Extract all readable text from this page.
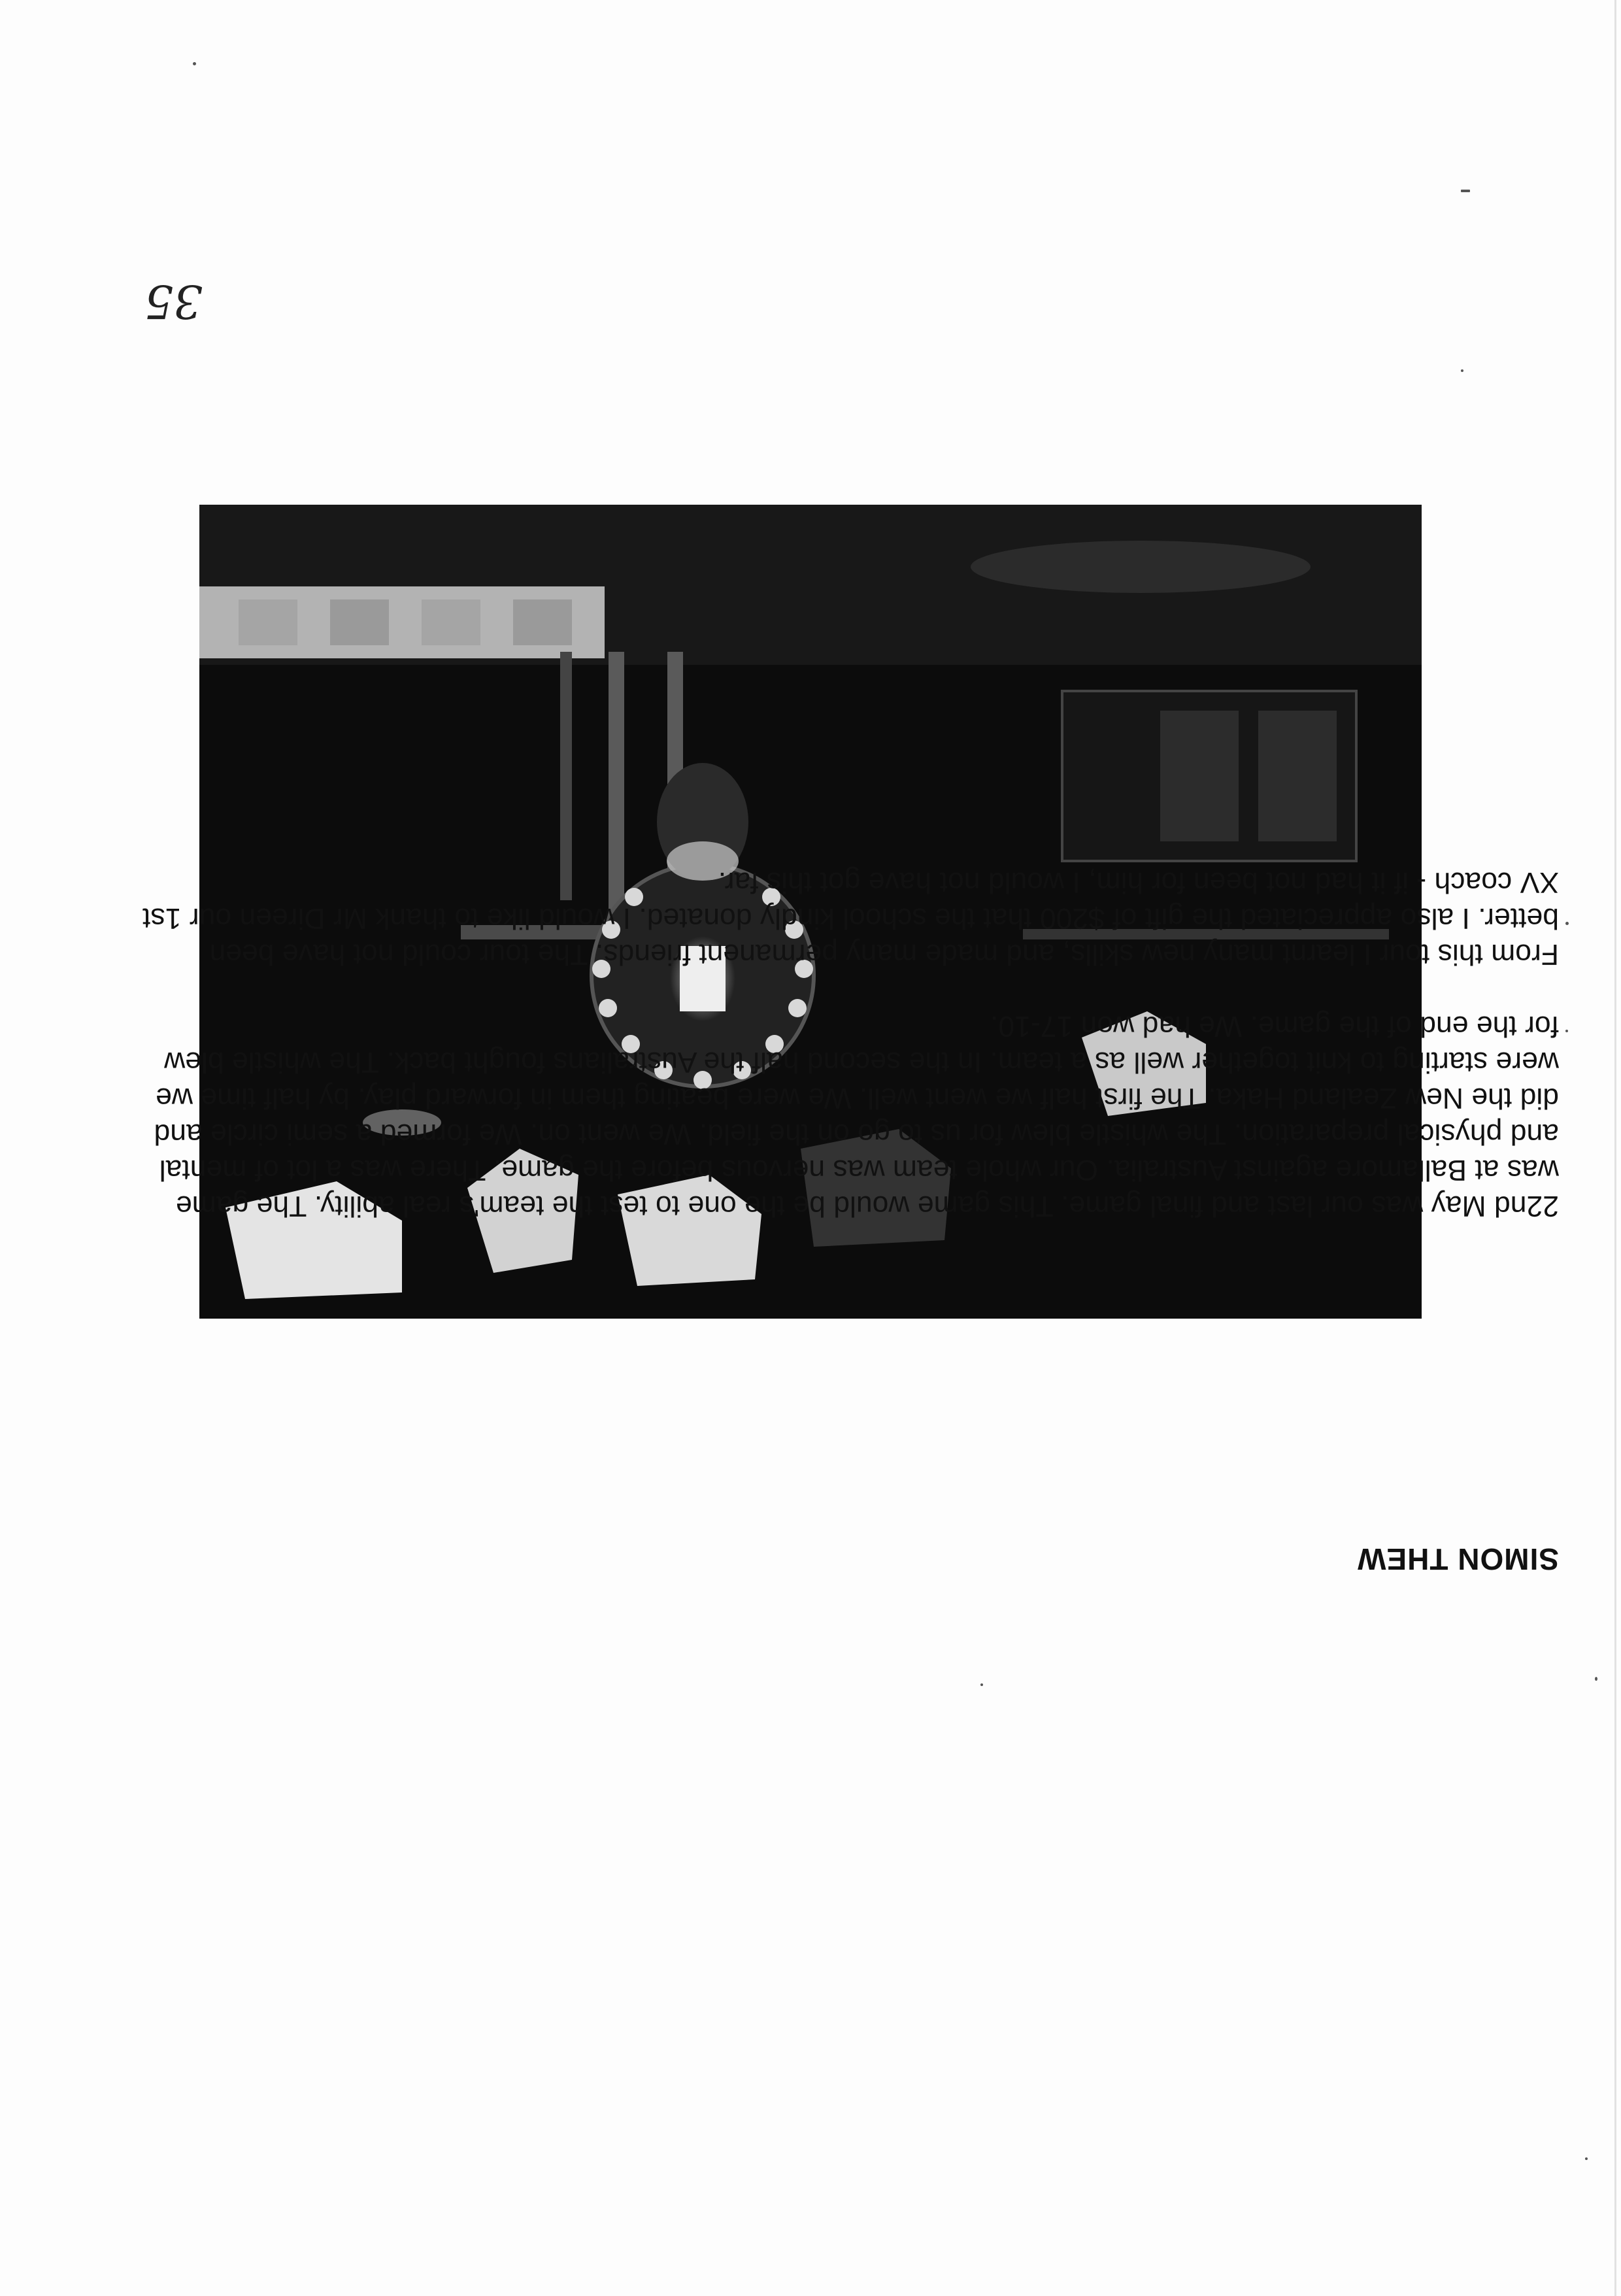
35

22nd May was our last and final game. This game would be the one to test the team's real ability. The game was at Ballamore against Australia. Our whole team was nervous before the game. There was a lot of mental and physical preparation. The whistle blew for us to go on the field. We went on. We formed a semi circle and did the New Zealand Haka. The first half we went well. We were beating them in forward play. by half time we were starting to knit together well as a team. In the second half the Australians fought back. The whistle blew for the end of the game. We had won 17-10.

From this tour I learnt many new skills, and made many permanent friends. The tour could not have been better. I also appreciated the gift of $200 that the school kindly donated. I would like to thank Mr Direen our 1st XV coach - if it had not been for him, I would not have got this far.

SIMON THEW
